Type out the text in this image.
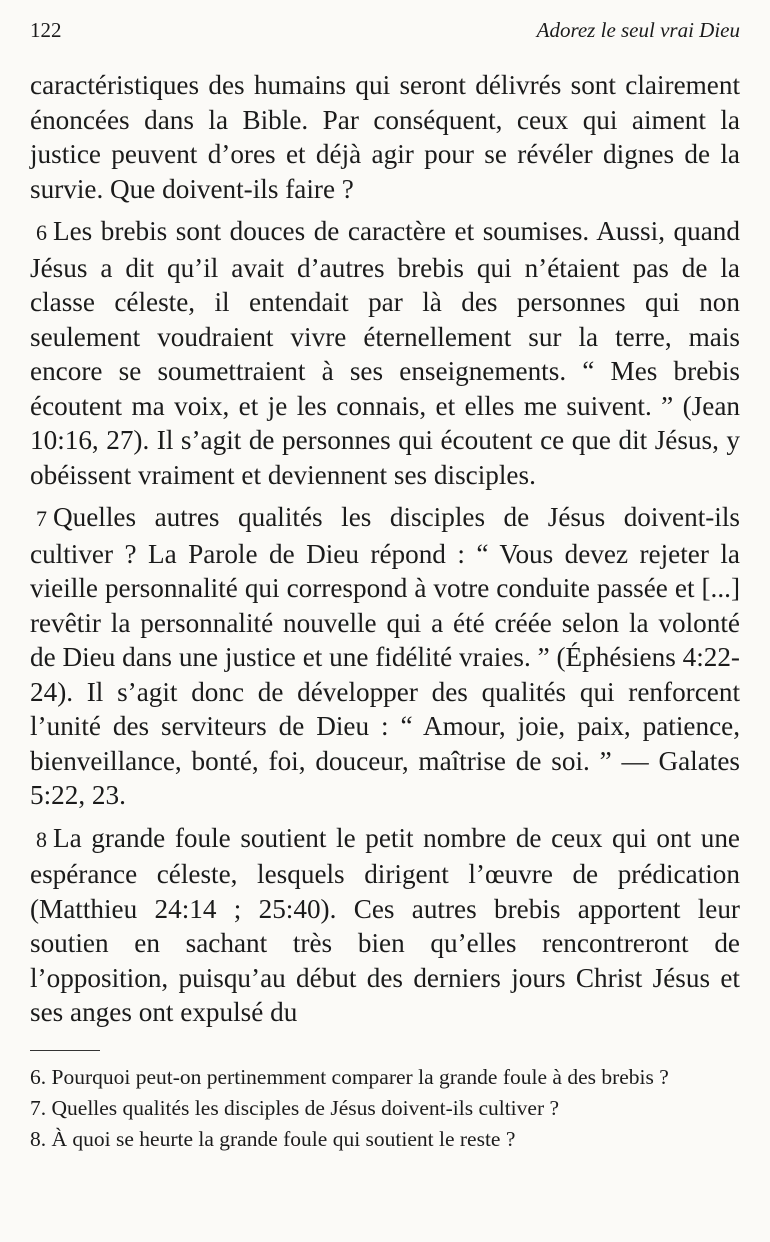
122	Adorez le seul vrai Dieu

caractéristiques des humains qui seront délivrés sont clairement énoncées dans la Bible. Par conséquent, ceux qui aiment la justice peuvent d’ores et déjà agir pour se révéler dignes de la survie. Que doivent-ils faire ?

6 Les brebis sont douces de caractère et soumises. Aussi, quand Jésus a dit qu’il avait d’autres brebis qui n’étaient pas de la classe céleste, il entendait par là des personnes qui non seulement voudraient vivre éternellement sur la terre, mais encore se soumettraient à ses enseignements. “ Mes brebis écoutent ma voix, et je les connais, et elles me suivent. ” (Jean 10:16, 27). Il s’agit de personnes qui écoutent ce que dit Jésus, y obéissent vraiment et deviennent ses disciples.

7 Quelles autres qualités les disciples de Jésus doivent-ils cultiver ? La Parole de Dieu répond : “ Vous devez rejeter la vieille personnalité qui correspond à votre conduite passée et [...] revêtir la personnalité nouvelle qui a été créée selon la volonté de Dieu dans une justice et une fidélité vraies. ” (Éphésiens 4:22-24). Il s’agit donc de développer des qualités qui renforcent l’unité des serviteurs de Dieu : “ Amour, joie, paix, patience, bienveillance, bonté, foi, douceur, maîtrise de soi. ” — Galates 5:22, 23.

8 La grande foule soutient le petit nombre de ceux qui ont une espérance céleste, lesquels dirigent l’œuvre de prédication (Matthieu 24:14 ; 25:40). Ces autres brebis apportent leur soutien en sachant très bien qu’elles rencontreront de l’opposition, puisqu’au début des derniers jours Christ Jésus et ses anges ont expulsé du

6. Pourquoi peut-on pertinemment comparer la grande foule à des brebis ?

7. Quelles qualités les disciples de Jésus doivent-ils cultiver ?

8. À quoi se heurte la grande foule qui soutient le reste ?
